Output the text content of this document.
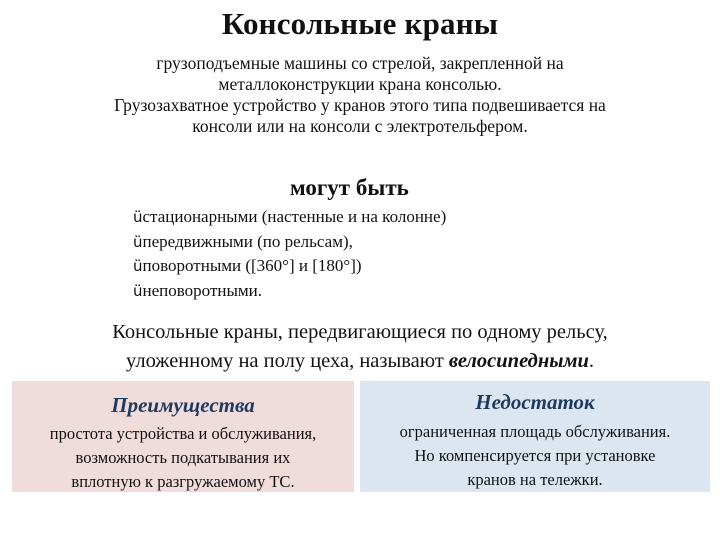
Консольные краны
грузоподъемные машины со стрелой, закрепленной на
металлоконструкции крана консолью.
Грузозахватное устройство у кранов этого типа подвешивается на
консоли или на консоли с электротельфером.
могут быть
üстационарными (настенные и на колонне)
üпередвижными (по рельсам),
üповоротными ([360°] и [180°])
üнеповоротными.
Консольные краны, передвигающиеся по одному рельсу,
уложенному на полу цеха, называют велосипедными.
Преимущества
простота устройства и обслуживания,
возможность подкатывания их
вплотную к разгружаемому ТС.
Недостаток
ограниченная площадь обслуживания.
Но компенсируется при установке
кранов на тележки.
